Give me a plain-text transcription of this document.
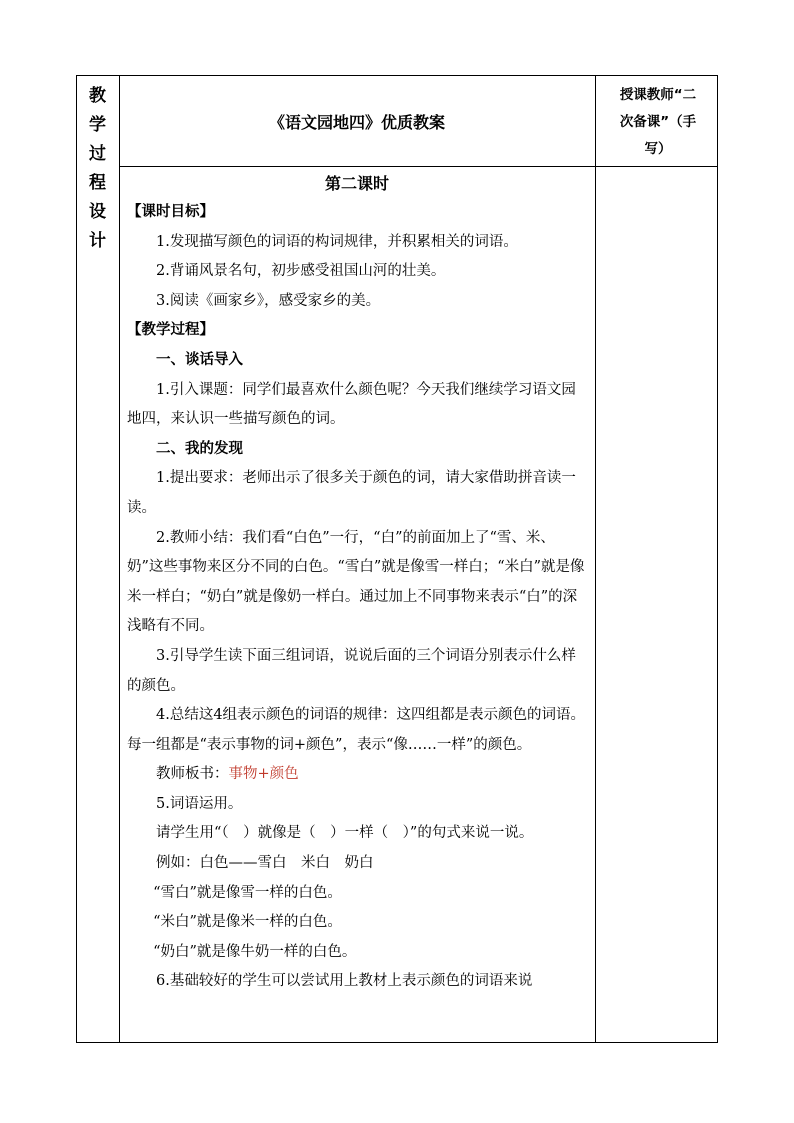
教
学
过
程
设
计
《语文园地四》优质教案
授课教师“二
次备课”（手
写）

第二课时

【课时目标】

1.发现描写颜色的词语的构词规律，并积累相关的词语。

2.背诵风景名句，初步感受祖国山河的壮美。

3.阅读《画家乡》，感受家乡的美。

【教学过程】

一、谈话导入

1.引入课题：同学们最喜欢什么颜色呢？今天我们继续学习语文园地四，来认识一些描写颜色的词。

二、我的发现

1.提出要求：老师出示了很多关于颜色的词，请大家借助拼音读一读。

2.教师小结：我们看“白色”一行，“白”的前面加上了“雪、米、奶”这些事物来区分不同的白色。“雪白”就是像雪一样白；“米白”就是像米一样白；“奶白”就是像奶一样白。通过加上不同事物来表示“白”的深浅略有不同。

3.引导学生读下面三组词语，说说后面的三个词语分别表示什么样的颜色。

4.总结这4组表示颜色的词语的规律：这四组都是表示颜色的词语。每一组都是“表示事物的词+颜色”，表示“像……一样”的颜色。

教师板书：事物+颜色

5.词语运用。

请学生用“（　）就像是（　）一样（　）”的句式来说一说。

例如：白色——雪白　米白　奶白

“雪白”就是像雪一样的白色。

“米白”就是像米一样的白色。

“奶白”就是像牛奶一样的白色。

6.基础较好的学生可以尝试用上教材上表示颜色的词语来说
